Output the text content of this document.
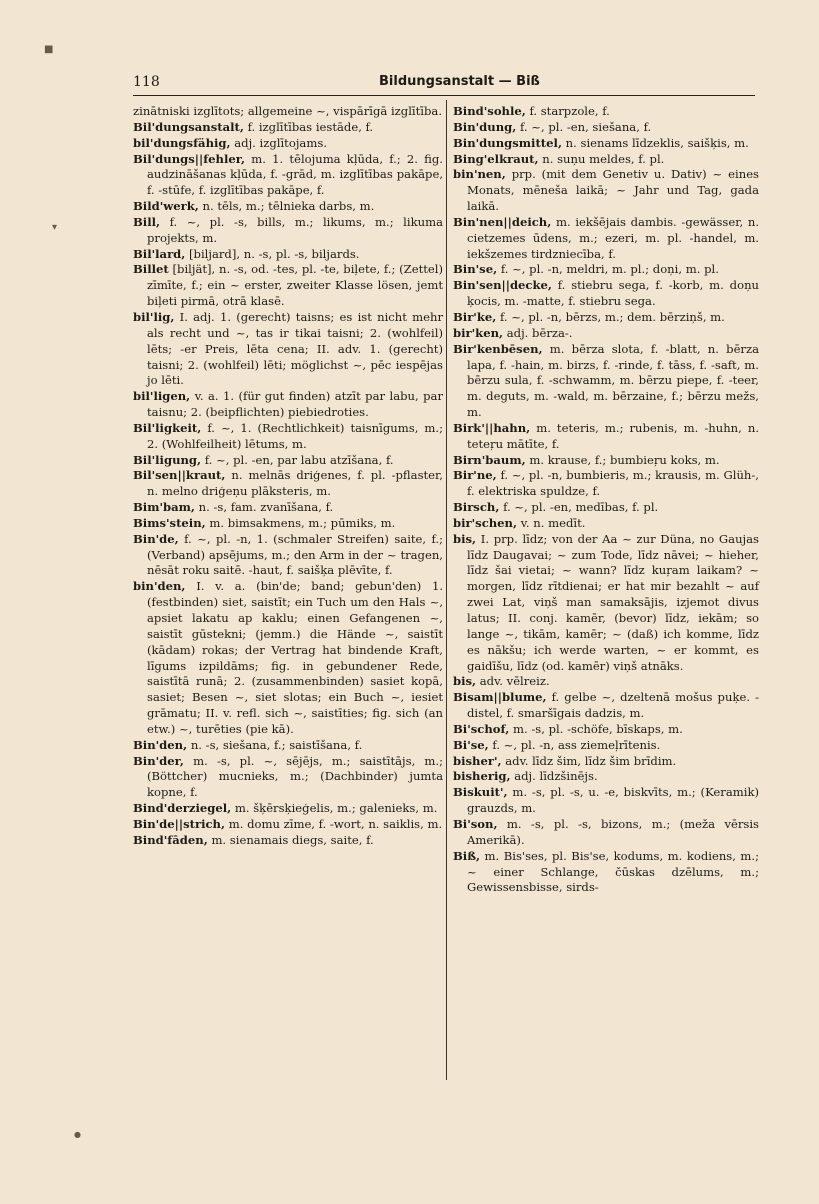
118	Bildungsanstalt — Biß

zinātniski izglītots; allgemeine ~, vispārīgā izglītība.

Bil'dungsanstalt, f. izglītības iestāde, f.

bil'dungsfähig, adj. izglītojams.

Bil'dungs||fehler, m. 1. tēlojuma kļūda, f.; 2. fig. audzināšanas kļūda, f. -grād, m. izglītības pakāpe, f. -stūfe, f. izglītības pakāpe, f.

Bild'werk, n. tēls, m.; tēlnieka darbs, m.

Bill, f. ~, pl. -s, bills, m.; likums, m.; likuma projekts, m.

Bil'lard, [biljard], n. -s, pl. -s, biljards.

Billet [biljät], n. -s, od. -tes, pl. -te, biļete, f.; (Zettel) zīmīte, f.; ein ~ erster, zweiter Klasse lösen, jemt biļeti pirmā, otrā klasē.

bil'lig, I. adj. 1. (gerecht) taisns; es ist nicht mehr als recht und ~, tas ir tikai taisni; 2. (wohlfeil) lēts; -er Preis, lēta cena; II. adv. 1. (gerecht) taisni; 2. (wohlfeil) lēti; möglichst ~, pēc iespējas jo lēti.

bil'ligen, v. a. 1. (für gut finden) atzīt par labu, par taisnu; 2. (beipflichten) piebiedroties.

Bil'ligkeit, f. ~, 1. (Rechtlichkeit) taisnīgums, m.; 2. (Wohlfeilheit) lētums, m.

Bil'ligung, f. ~, pl. -en, par labu atzīšana, f.

Bil'sen||kraut, n. melnās driģenes, f. pl. -pflaster, n. melno driģeņu plāksteris, m.

Bim'bam, n. -s, fam. zvanīšana, f.

Bims'stein, m. bimsakmens, m.; pūmiks, m.

Bin'de, f. ~, pl. -n, 1. (schmaler Streifen) saite, f.; (Verband) apsējums, m.; den Arm in der ~ tragen, nēsāt roku saitē. -haut, f. saišķa plēvīte, f.

bin'den, I. v. a. (bin'de; band; gebun'den) 1. (festbinden) siet, saistīt; ein Tuch um den Hals ~, apsiet lakatu ap kaklu; einen Gefangenen ~, saistīt gūstekni; (jemm.) die Hände ~, saistīt (kādam) rokas; der Vertrag hat bindende Kraft, līgums izpildāms; fig. in gebundener Rede, saistītā runā; 2. (zusammenbinden) sasiet kopā, sasiet; Besen ~, siet slotas; ein Buch ~, iesiet grāmatu; II. v. refl. sich ~, saistīties; fig. sich (an etw.) ~, turēties (pie kā).

Bin'den, n. -s, siešana, f.; saistīšana, f.

Bin'der, m. -s, pl. ~, sējējs, m.; saistītājs, m.; (Böttcher) mucnieks, m.; (Dachbinder) jumta kopne, f.

Bind'derziegel, m. šķērsķieģelis, m.; galenieks, m.

Bin'de||strich, m. domu zīme, f. -wort, n. saiklis, m.

Bind'fāden, m. sienamais diegs, saite, f.

Bind'sohle, f. starpzole, f.

Bin'dung, f. ~, pl. -en, siešana, f.

Bin'dungsmittel, n. sienams līdzeklis, saišķis, m.

Bing'elkraut, n. suņu meldes, f. pl.

bin'nen, prp. (mit dem Genetiv u. Dativ) ~ eines Monats, mēneša laikā; ~ Jahr und Tag, gada laikā.

Bin'nen||deich, m. iekšējais dambis. -gewässer, n. cietzemes ūdens, m.; ezeri, m. pl. -handel, m. iekšzemes tirdzniecība, f.

Bin'se, f. ~, pl. -n, meldri, m. pl.; doņi, m. pl.

Bin'sen||decke, f. stiebru sega, f. -korb, m. doņu ķocis, m. -matte, f. stiebru sega.

Bir'ke, f. ~, pl. -n, bērzs, m.; dem. bērziņš, m.

bir'ken, adj. bērza-.

Bir'kenbēsen, m. bērza slota, f. -blatt, n. bērza lapa, f. -hain, m. birzs, f. -rinde, f. tāss, f. -saft, m. bērzu sula, f. -schwamm, m. bērzu piepe, f. -teer, m. deguts, m. -wald, m. bērzaine, f.; bērzu mežs, m.

Birk'||hahn, m. teteris, m.; rubenis, m. -huhn, n. teteŗu mātīte, f.

Birn'baum, m. krause, f.; bumbieŗu koks, m.

Bir'ne, f. ~, pl. -n, bumbieris, m.; krausis, m. Glüh-, f. elektriska spuldze, f.

Birsch, f. ~, pl. -en, medības, f. pl.

bir'schen, v. n. medīt.

bis, I. prp. līdz; von der Aa ~ zur Düna, no Gaujas līdz Daugavai; ~ zum Tode, līdz nāvei; ~ hieher, līdz šai vietai; ~ wann? līdz kuŗam laikam? ~ morgen, līdz rītdienai; er hat mir bezahlt ~ auf zwei Lat, viņš man samaksājis, izjemot divus latus; II. conj. kamēr, (bevor) līdz, iekām; so lange ~, tikām, kamēr; ~ (daß) ich komme, līdz es nākšu; ich werde warten, ~ er kommt, es gaidīšu, līdz (od. kamēr) viņš atnāks.

bis, adv. vēlreiz.

Bisam||blume, f. gelbe ~, dzeltenā mošus puķe. -distel, f. smaršīgais dadzis, m.

Bi'schof, m. -s, pl. -schöfe, bīskaps, m.

Bi'se, f. ~, pl. -n, ass ziemeļrītenis.

bisher', adv. līdz šim, līdz šim brīdim.

bisherig, adj. līdzšinējs.

Biskuit', m. -s, pl. -s, u. -e, biskvīts, m.; (Keramik) grauzds, m.

Bi'son, m. -s, pl. -s, bizons, m.; (meža vērsis Amerikā).

Biß, m. Bis'ses, pl. Bis'se, kodums, m. kodiens, m.; ~ einer Schlange, čūskas dzēlums, m.; Gewissensbisse, sirds-

■
▾
●
